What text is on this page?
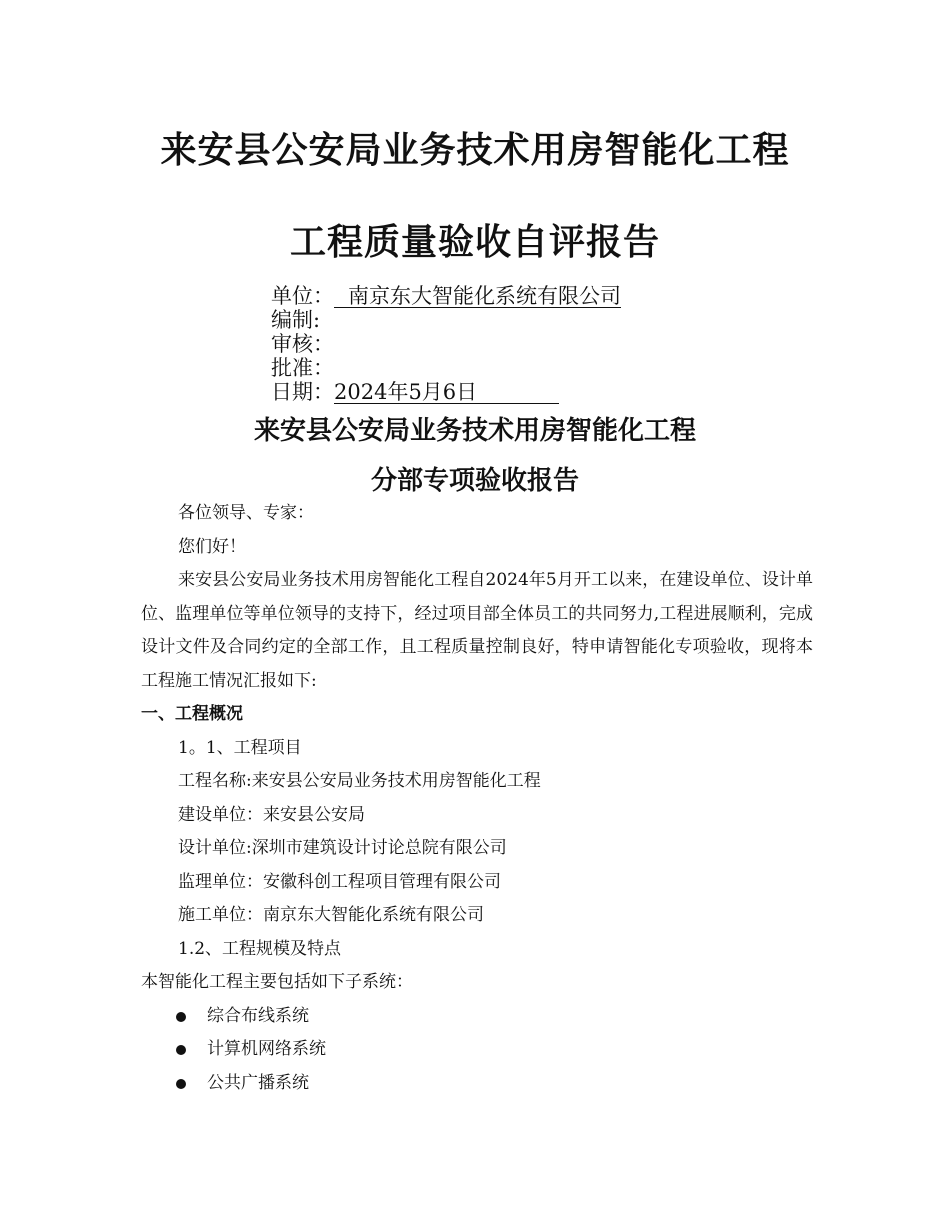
来安县公安局业务技术用房智能化工程
工程质量验收自评报告
单位： 南京东大智能化系统有限公司
编制:
审核：
批准：
日期：2024年5月6日
来安县公安局业务技术用房智能化工程
分部专项验收报告

各位领导、专家：

您们好！

来安县公安局业务技术用房智能化工程自2024年5月开工以来，在建设单位、设计单位、监理单位等单位领导的支持下，经过项目部全体员工的共同努力,工程进展顺利，完成设计文件及合同约定的全部工作，且工程质量控制良好，特申请智能化专项验收，现将本工程施工情况汇报如下:

一、工程概况

1。1、工程项目

工程名称:来安县公安局业务技术用房智能化工程

建设单位：来安县公安局

设计单位:深圳市建筑设计讨论总院有限公司

监理单位：安徽科创工程项目管理有限公司

施工单位：南京东大智能化系统有限公司

1.2、工程规模及特点

本智能化工程主要包括如下子系统：

综合布线系统
计算机网络系统
公共广播系统
